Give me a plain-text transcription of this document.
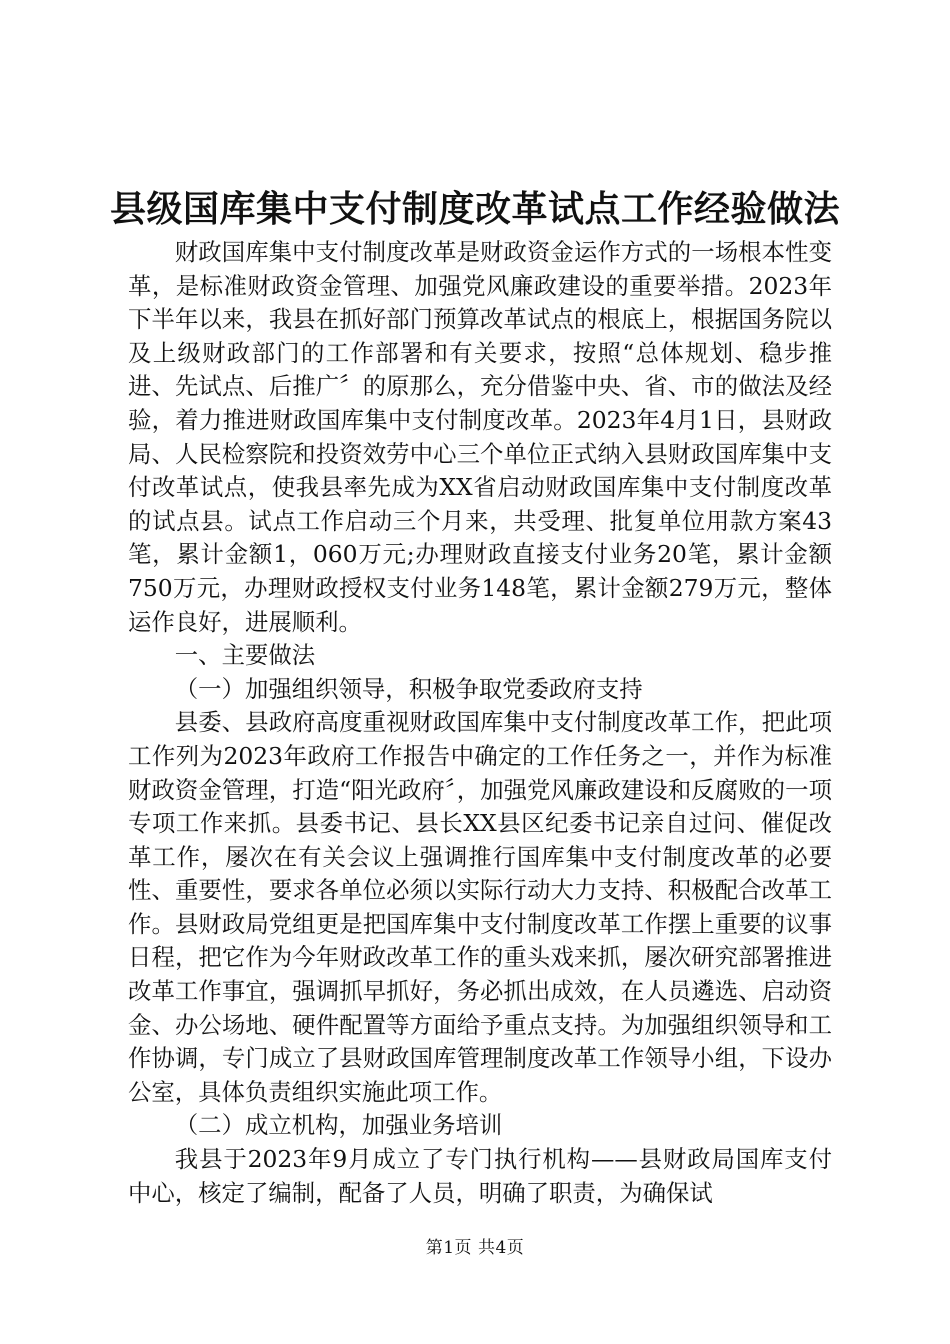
县级国库集中支付制度改革试点工作经验做法

财政国库集中支付制度改革是财政资金运作方式的一场根本性变革，是标准财政资金管理、加强党风廉政建设的重要举措。2023年下半年以来，我县在抓好部门预算改革试点的根底上，根据国务院以及上级财政部门的工作部署和有关要求，按照“总体规划、稳步推进、先试点、后推广〞的原那么，充分借鉴中央、省、市的做法及经验，着力推进财政国库集中支付制度改革。2023年4月1日，县财政局、人民检察院和投资效劳中心三个单位正式纳入县财政国库集中支付改革试点，使我县率先成为XX省启动财政国库集中支付制度改革的试点县。试点工作启动三个月来，共受理、批复单位用款方案43笔，累计金额1，060万元;办理财政直接支付业务20笔，累计金额750万元，办理财政授权支付业务148笔，累计金额279万元，整体运作良好，进展顺利。

一、主要做法

（一）加强组织领导，积极争取党委政府支持

县委、县政府高度重视财政国库集中支付制度改革工作，把此项工作列为2023年政府工作报告中确定的工作任务之一，并作为标准财政资金管理，打造“阳光政府〞，加强党风廉政建设和反腐败的一项专项工作来抓。县委书记、县长XX县区纪委书记亲自过问、催促改革工作，屡次在有关会议上强调推行国库集中支付制度改革的必要性、重要性，要求各单位必须以实际行动大力支持、积极配合改革工作。县财政局党组更是把国库集中支付制度改革工作摆上重要的议事日程，把它作为今年财政改革工作的重头戏来抓，屡次研究部署推进改革工作事宜，强调抓早抓好，务必抓出成效，在人员遴选、启动资金、办公场地、硬件配置等方面给予重点支持。为加强组织领导和工作协调，专门成立了县财政国库管理制度改革工作领导小组，下设办公室，具体负责组织实施此项工作。

（二）成立机构，加强业务培训

我县于2023年9月成立了专门执行机构——县财政局国库支付中心，核定了编制，配备了人员，明确了职责，为确保试

第1页 共4页
